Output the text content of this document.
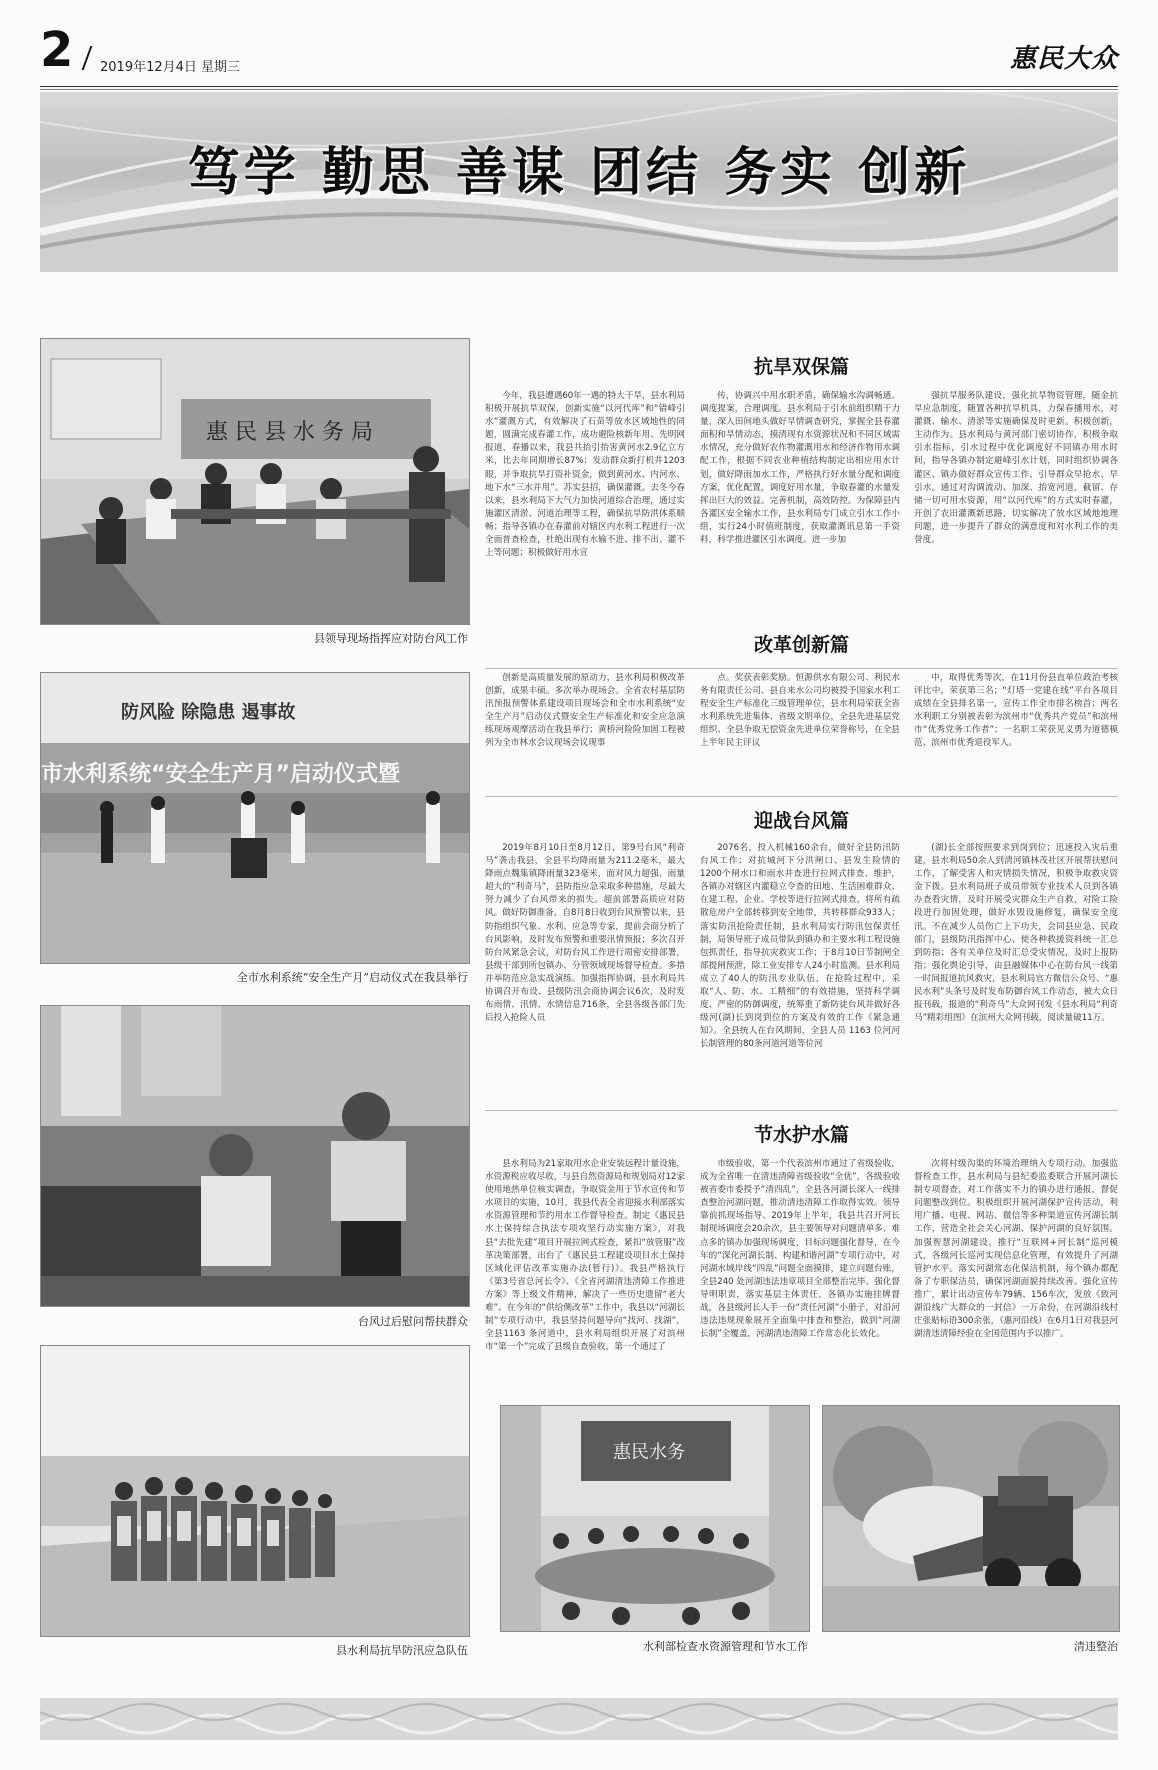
2 2019年12月4日 星期三	惠民大众
笃学 勤思 善谋 团结 务实 创新
惠 民 县 水 务 局
县领导现场指挥应对防台风工作
防风险 除隐患 遏事故
市水利系统“安全生产月”启动仪式暨
全市水利系统“安全生产月”启动仪式在我县举行
台风过后慰问帮扶群众
县水利局抗旱防汛应急队伍
抗旱双保篇

今年，我县遭遇60年一遇的特大干旱，县水利局积极开展抗旱双保，创新实施“以河代库”和“错峰引水”灌溉方式，有效解决了石苗等放水区域地性的同题，圆满完成春灌工作，成功避险核新年用、先明网报道，春播以来，我县共抬引抬害黄河水2.9亿立方米，比去年同期增长87%；发动群众新打机井1203眼，并争取抗旱打资补资金，做到黄河水、内河水、地下水“三水并用”。苏实县招，确保灌溉。去冬今春以来，县水利局下大气力加快河道综合治理，通过实施灌区清淤、河道治理等工程，确保抗旱防洪体系顺畅；指导各镇办在春灌前对辖区内水利工程进行一次全面普查检查，杜绝出现有水输不进、排不出、灌不上等问题；积极做好用水宣

传，协调兴中用水职矛盾，确保输水沟调畅通。调度提案，合理调度。县水利局于引水前组织精干力量，深入田间地头做好旱情调查研究，掌握全县春灌面积和旱情动态，摸清现有水资源状况和不同区域需水情况，充分做好农作物灌溉用水和经济作物用水调配工作，根据不同农业种植结构制定出相应用水计划，做好降雨加水工作，严格执行好水量分配和调度方案，优化配置，调度好用水量，争取春灌的水量发挥出巨大的效益。完善机制，高效防控。为保障县内各灌区安全输水工作，县水利局专门成立引水工作小组，实行24小时值班制度，获取灌溉讯息第一手资料，科学推进灌区引水调度。进一步加

强抗旱服务队建设，强化抗旱物资管理，随金抗旱应急制度，随置各种抗旱机具，力保春播用水，对灌溉、输水、清淤等实施确保及时更新。积极创新，主动作为。县水利局与黄河部门密切协作，积极争取引水指标，引水过程中优化调度好不同镇办用水时间，指导各镇办制定避峰引水计划，同时组织协调各灌区、镇办做好群众宣传工作，引导群众早抢水、早引水。通过对沟调流动、加深、抬宽河道，截留、存储一切可用水资源，用“以河代库”的方式实时春灌，开创了农田灌溉新思路，切实解决了放水区域地地理问题，进一步提升了群众的满意度和对水利工作的美誉度。

改革创新篇

创新是高质量发展的原动力，县水利局积极改革创新，成果丰硕。多次举办现场会。全省农村基层防汛预报预警体系建设项目现场会和全市水利系统“安全生产月”启动仪式暨安全生产标准化和安全应急演练现场观摩活动在我县举行；黄桥河险险加固工程被列为全市林水会议现场会议现事

点。奖获表彰奖励。恒源供水有限公司、利民水务有限责任公司、县自来水公司均被授予国家水利工程安全生产标准化三级管理单位，县水利局荣获全省水利系统先进集体、省级文明单位，全县先进基层党组织、全县争取无偿资金先进单位荣誉称号，在全县上半年民主评议

中，取得优秀等次，在11月份县直单位政治考核评比中，荣获第三名；“灯塔一党建在线”平台各项目成绩在全县排名第一，宣传工作全市排名榜首；两名水利职工分别被表彰为滨州市“优秀共产党员”和滨州市“优秀党务工作者”；一名职工荣获见义勇为道德模范、滨州市优秀退役军人。

迎战台风篇

2019年8月10日至8月12日，第9号台风“利奇马”袭击我县，全县平均降雨量为211.2毫米，最大降雨点魏集镇降雨量323毫米，面对风力超强、雨量超大的“利奇马”，县防指应急采取多种措施，尽最大努力减少了台风带来的损失。超前部署高质应对防风。做好防御准备，自8月8日收到台风预警以来，县防指组织气象、水利、应急等专家，提前会商分析了台风影响，及时发布预警和重要汛情预报；多次召开防台风紧急会议，对防台风工作进行周密安排部署，县级干部到所包镇办、分管领域现场督导检查。多措并举防范应急实战演练。加强指挥协调，县水利局共协调召开布设、县级防汛会商协调会议6次，及时发布雨情、汛情、水情信息716条，全县各级各部门先后投入抢险人员

2076名，投入机械160余台，做好全县防汛防台风工作；对抗城河下分洪闸口、县发生险情的1200个闸水口和雨水并查进行拉网式排查、维护，各镇办对辖区内灌稳立令查的田地、生活困难群众、在建工程、企业、学校等进行拉网式排查，将所有疏散危房户全部转移到安全地带，共转移群众933人；落实防汛抢险责任制，县水利局实行防汛包保责任制，局领导班子成员带队到镇办和主要水利工程设施包抓责任，指导抗灾救灾工作；于8月10日节制闸全部提闸预泄，除工业安排专人24小时监测。县水利局成立了40人的防汛专业队伍，在抢险过程中，采取“人、防、水、工精细”的有效措施，坚持科学调度、严密的防御调度，统筹重了新防徒台风并做好各级河(湖)长到岗到位的方案及有效的工作《紧急通知》。全县统人在台风期间，全县人员 1163 位河河长制管理的80条河道河道等位河

(湖)长全部按照要求到岗到位；迅速投入灾后重建，县水利局50余人到清河镇林茂社区开展帮扶慰问工作，了解受害人和灾情损失情况，积极争取救灾资金下拨。县水利局班子成员带领专业技术人员到各镇办查看灾情，及时开展受灾群众生产自救，对险工险段进行加固处理，做好水毁设施修复，确保安全度汛。不在减少人员伤亡上下功夫，会同县应急、民政部门，县级防汛指挥中心、使各种救援资料统一汇总到防指；各有关单位及时汇总受灾情况，及时上报防指；强化舆论引导，由县融媒体中心在防台风一线第一时间报道抗风救灾，县水利局官方微信公众号、“惠民水利”头条号及时发布防御台风工作动态，被大众日报刊载，报道的“利奇马”大众网刊发《县水利局“利奇马”精彩组图》在滨州大众网刊载，阅读量破11万。

节水护水篇

县水利局为21家取用水企业安装远程计量设施，水资源税应收尽收，与县自然资源局和规划局对12家使用地热单位核实调查，争取资金用于节水宣传和节水项目的实施，10月，我县代表全省迎接水利部落实水资源管理和节约用水工作督导检查。制定《惠民县水土保持综合执法专项攻坚行动实施方案》，对我县“去批先建”项目开展拉网式检查，紧扣“放管服”改革决策部署，出台了《惠民县工程建设项目水土保持区域化评估改革实施办法(暂行)》。我县严格执行《第3号省总河长令》、《全省河湖清违清障工作推进方案》等上级文件精神，解决了一些历史遗留“老大难”。在今年的“供给侧改革”工作中，我县以“河湖长制”专项行动中，我县坚持问题导向“找河、找湖”，全县1163 条河道中，县水利局组织开展了对滨州市“第一个”完成了县级自查验收，第一个通过了

市级验收，第一个代表滨州市通过了省级验收，成为全省唯一在清违清障省级验收“全优”，各级验收被省委市委授予“清四乱”，全县各河湖长深入一线排查整治河湖问题，推动清违清障工作取得实效。领导靠前抓现场指导、2019年上半年，我县共召开河长制现场调度会20余次，县主要领导对问题清单多、难点多的镇办加强现场调度，目标问题强化督导，在今年的“深化河湖长制、构建和谐河湖”专项行动中，对河湖水域岸线“四乱”问题全面摸排，建立问题台账，全县240 处河湖违法违章项目全部整治完毕。强化督导明职责，落实基层主体责任，各镇办实施挂牌督战，各县级河长人手一份“责任河湖”小册子，对沿河违法违规现象展开全面集中排查和整治，做到“河湖长制”全覆盖，河湖清违清障工作常态化长效化。

次将村级沟渠的环境治理纳入专项行动。加强监督检查工作，县水利局与县纪委监委联合开展河湖长制专项督查，对工作落实不力的镇办进行通报，督促问题整改到位。积极组织开展河湖保护宣传活动，利用广播、电视、网站、微信等多种渠道宣传河湖长制工作，营造全社会关心河湖、保护河湖的良好氛围。加强智慧河湖建设，推行“互联网+河长制”巡河模式，各级河长巡河实现信息化管理，有效提升了河湖管护水平。落实河湖常态化保洁机制，每个镇办都配备了专职保洁员，确保河湖面貌持续改善。强化宣传推广，累计出动宣传车79辆、156车次，发放《致河湖沿线广大群众的一封信》一万余份，在河湖沿线村庄张贴标语300余张，（惠河沿线）在6月1日对我县河湖清违清障经验在全国范围内予以推广。

惠民水务
水利部检查水资源管理和节水工作	清违整治
